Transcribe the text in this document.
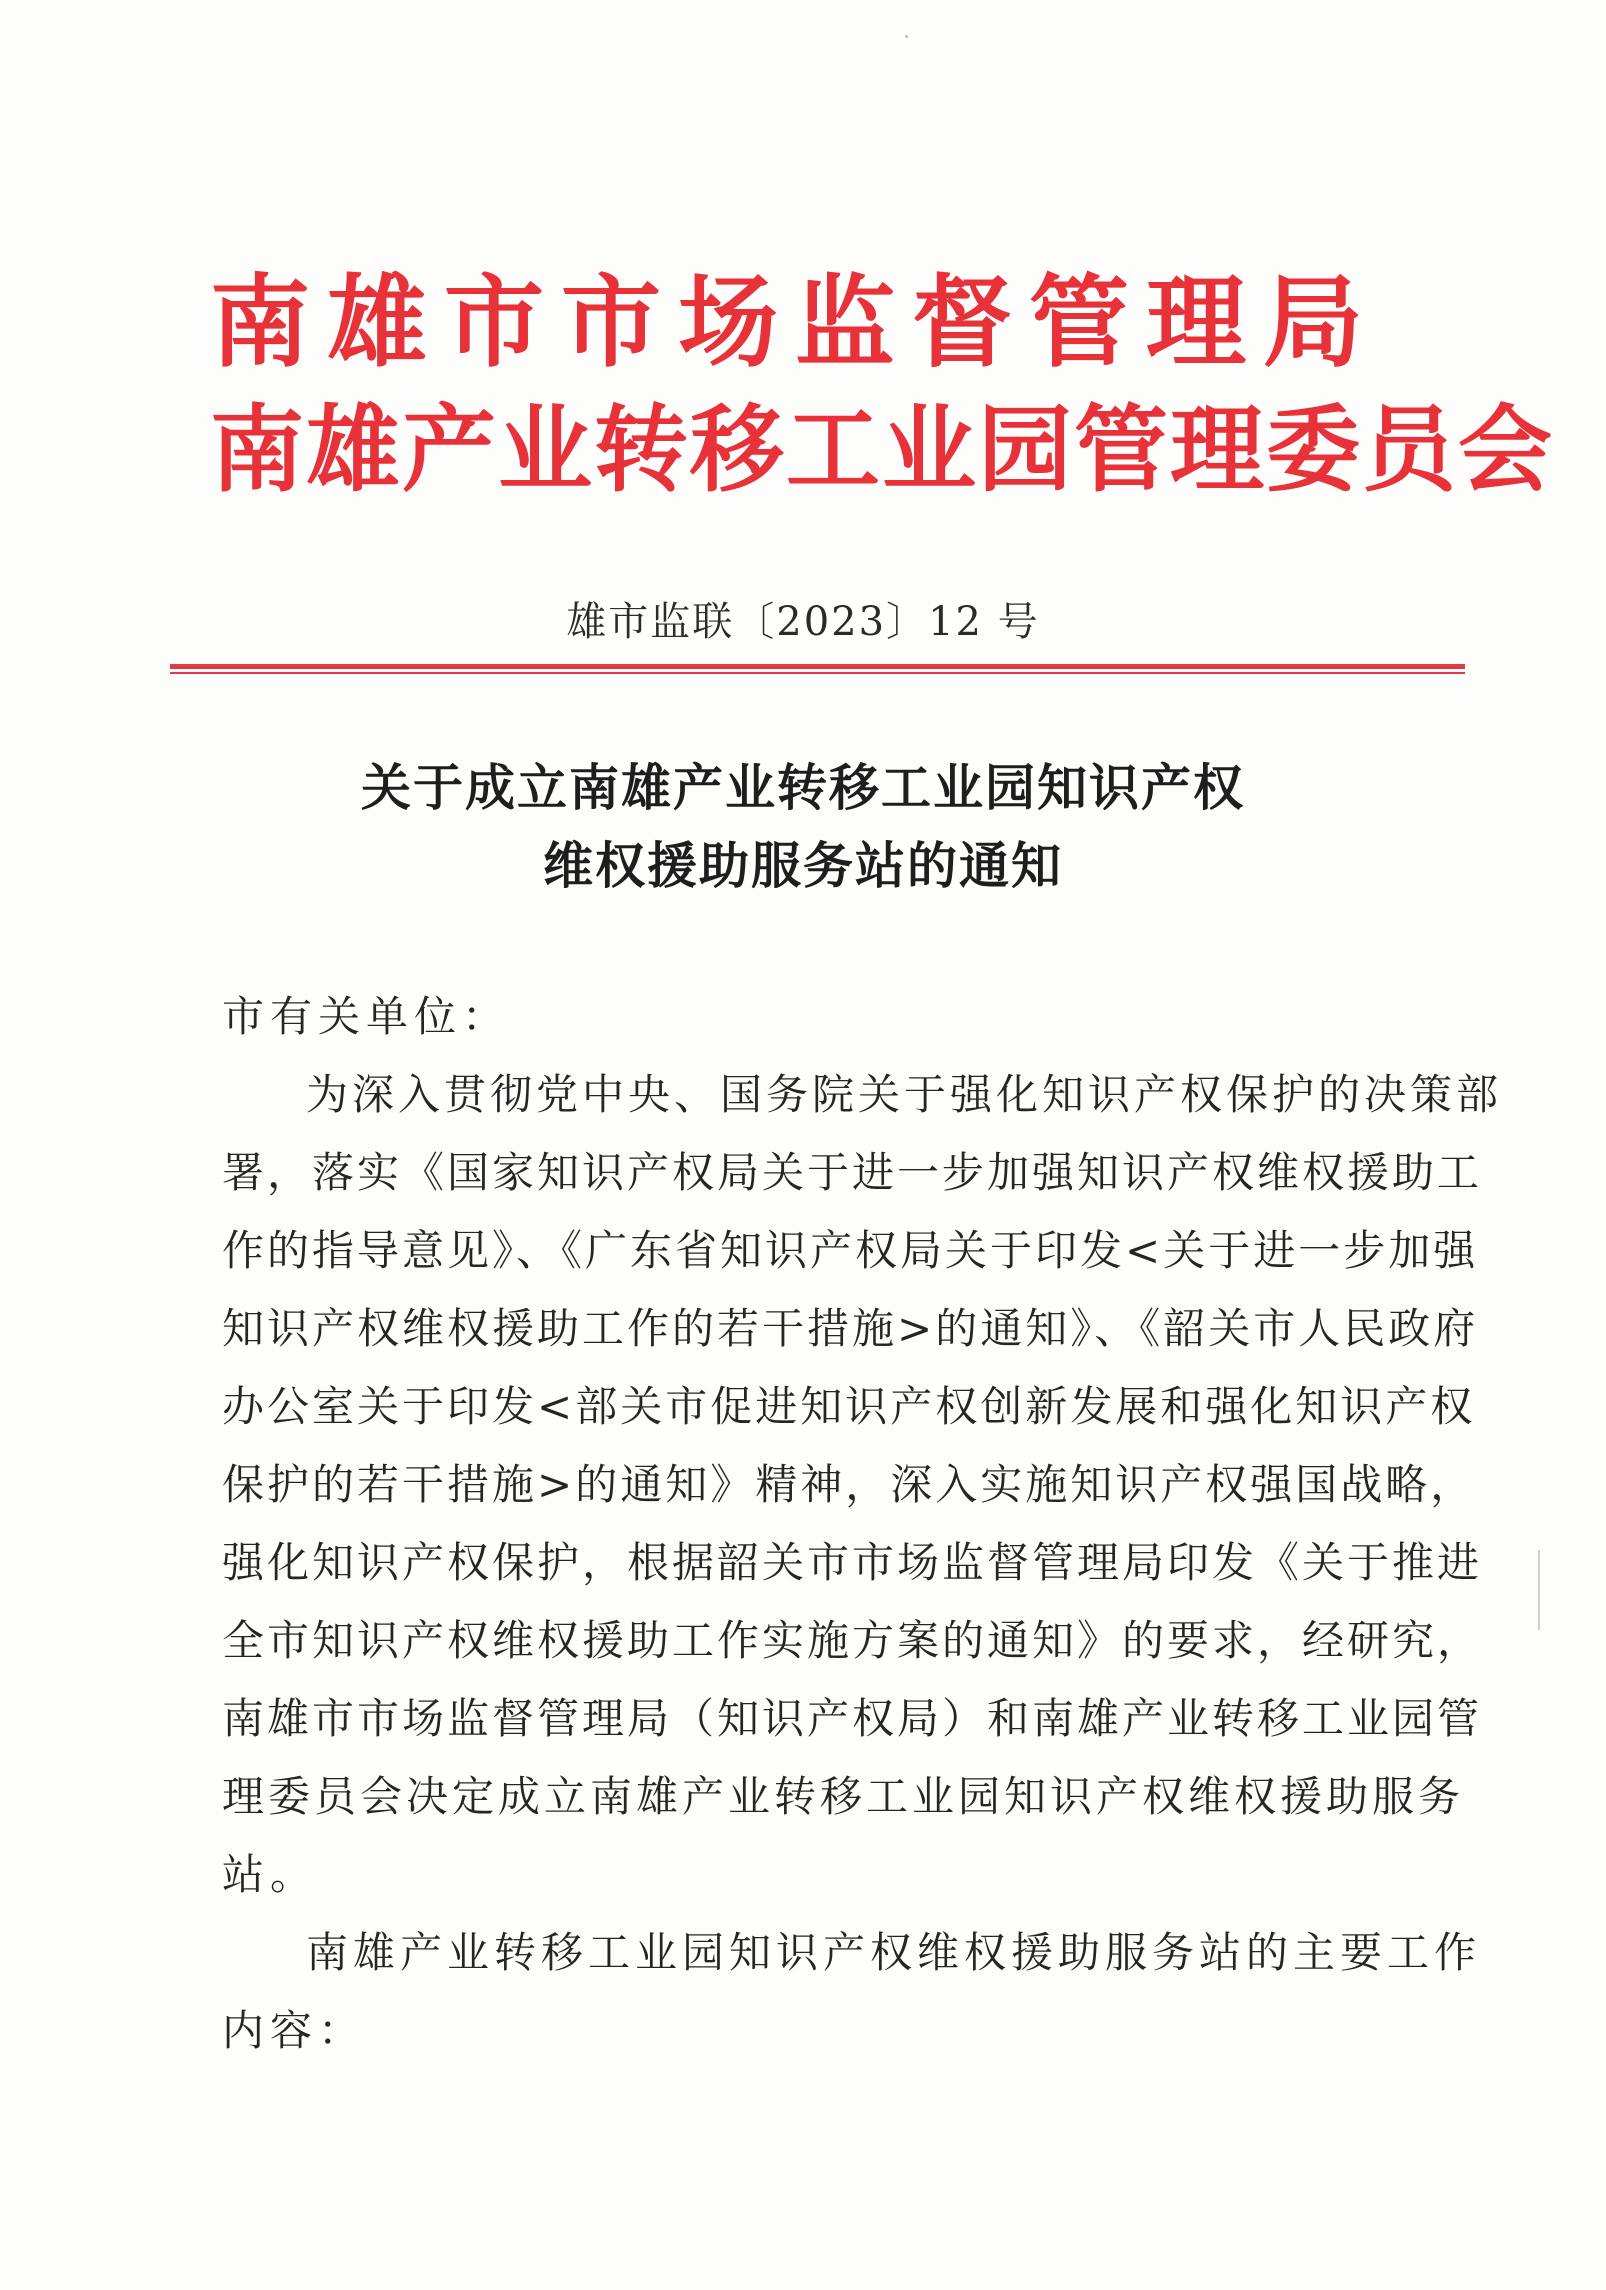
南雄市市场监督管理局
南雄产业转移工业园管理委员会
雄市监联〔2023〕12 号
关于成立南雄产业转移工业园知识产权
维权援助服务站的通知
市有关单位：
为深入贯彻党中央、国务院关于强化知识产权保护的决策部
署，落实《国家知识产权局关于进一步加强知识产权维权援助工
作的指导意见》、《广东省知识产权局关于印发<关于进一步加强
知识产权维权援助工作的若干措施>的通知》、《韶关市人民政府
办公室关于印发<部关市促进知识产权创新发展和强化知识产权
保护的若干措施>的通知》精神，深入实施知识产权强国战略，
强化知识产权保护，根据韶关市市场监督管理局印发《关于推进
全市知识产权维权援助工作实施方案的通知》的要求，经研究，
南雄市市场监督管理局（知识产权局）和南雄产业转移工业园管
理委员会决定成立南雄产业转移工业园知识产权维权援助服务
站。
南雄产业转移工业园知识产权维权援助服务站的主要工作
内容：
